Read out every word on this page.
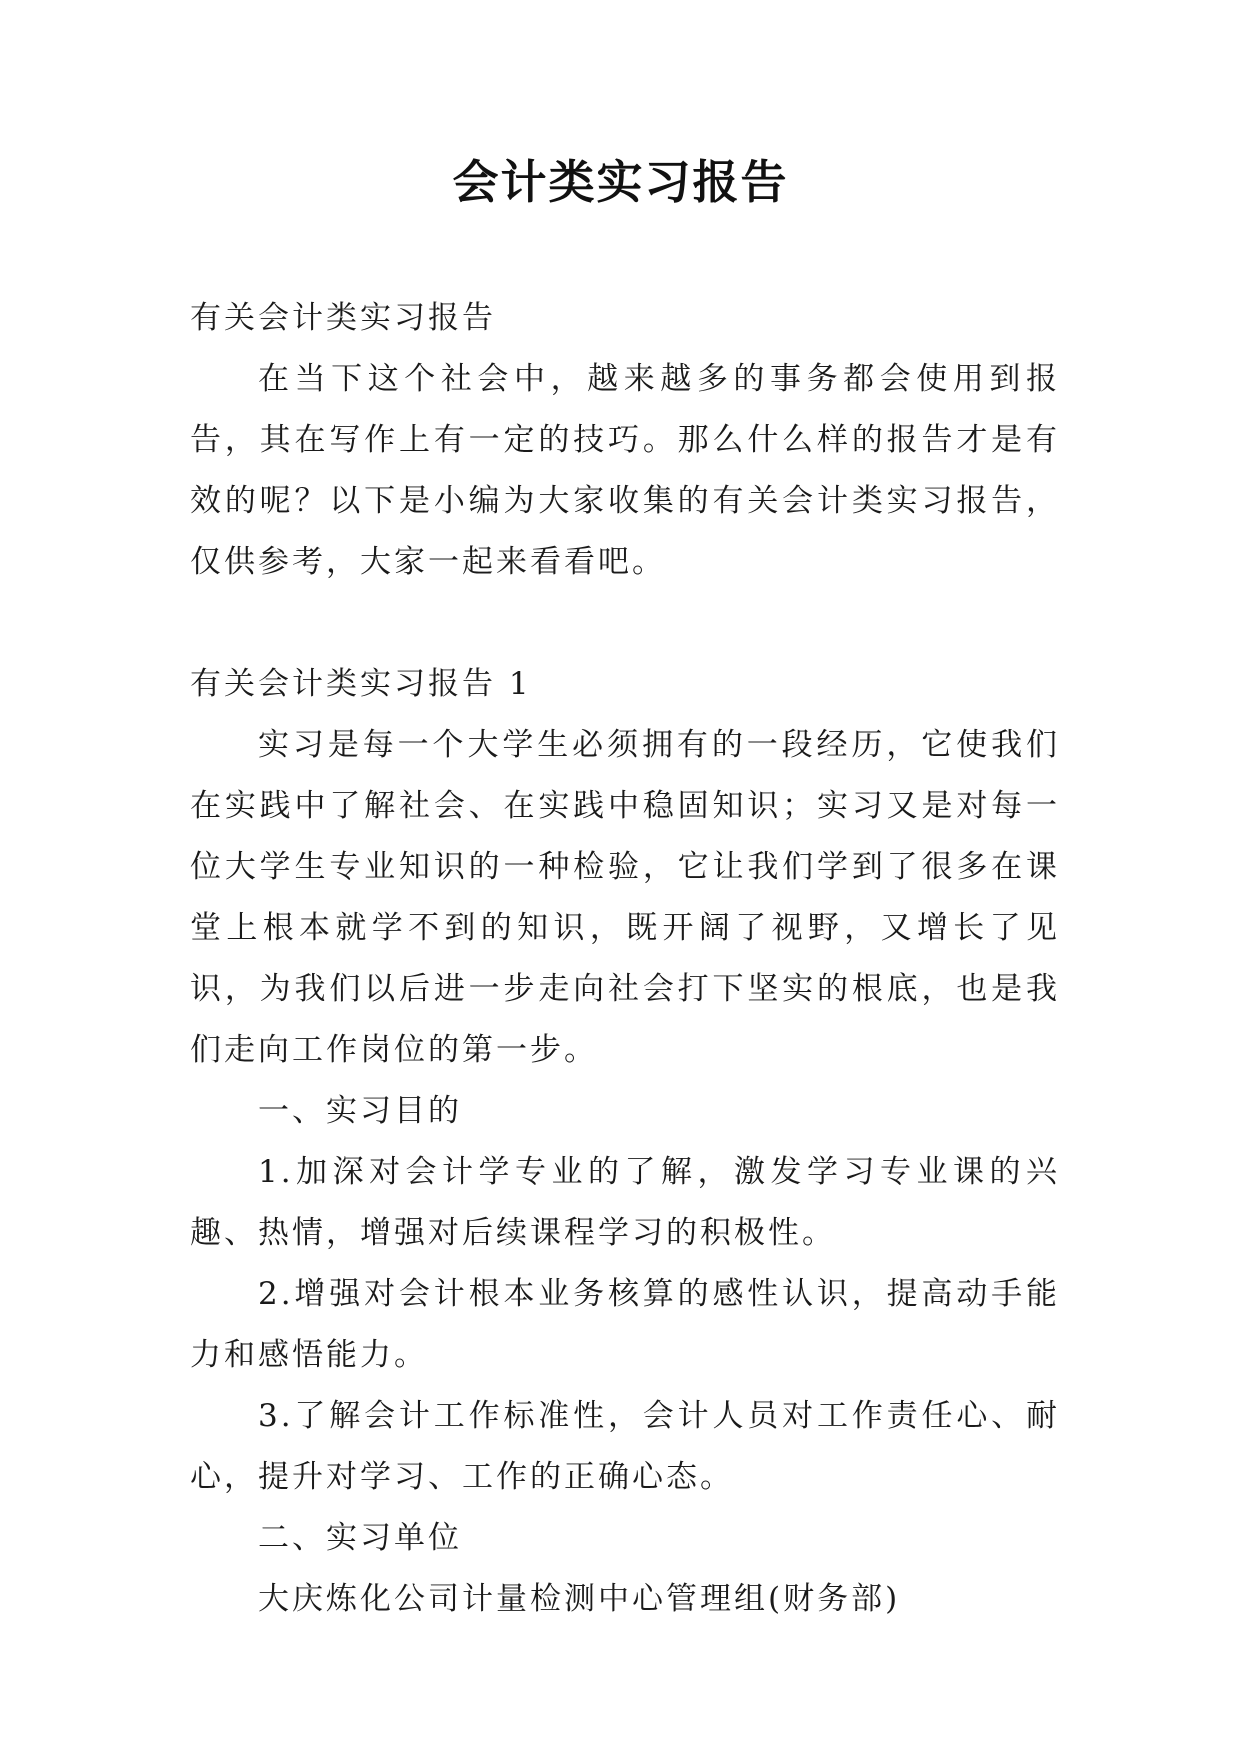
会计类实习报告

有关会计类实习报告

在当下这个社会中，越来越多的事务都会使用到报告，其在写作上有一定的技巧。那么什么样的报告才是有效的呢？以下是小编为大家收集的有关会计类实习报告，仅供参考，大家一起来看看吧。

有关会计类实习报告 1

实习是每一个大学生必须拥有的一段经历，它使我们在实践中了解社会、在实践中稳固知识；实习又是对每一位大学生专业知识的一种检验，它让我们学到了很多在课堂上根本就学不到的知识，既开阔了视野，又增长了见识，为我们以后进一步走向社会打下坚实的根底，也是我们走向工作岗位的第一步。

一、实习目的

1.加深对会计学专业的了解，激发学习专业课的兴趣、热情，增强对后续课程学习的积极性。

2.增强对会计根本业务核算的感性认识，提高动手能力和感悟能力。

3.了解会计工作标准性，会计人员对工作责任心、耐心，提升对学习、工作的正确心态。

二、实习单位

大庆炼化公司计量检测中心管理组(财务部)
